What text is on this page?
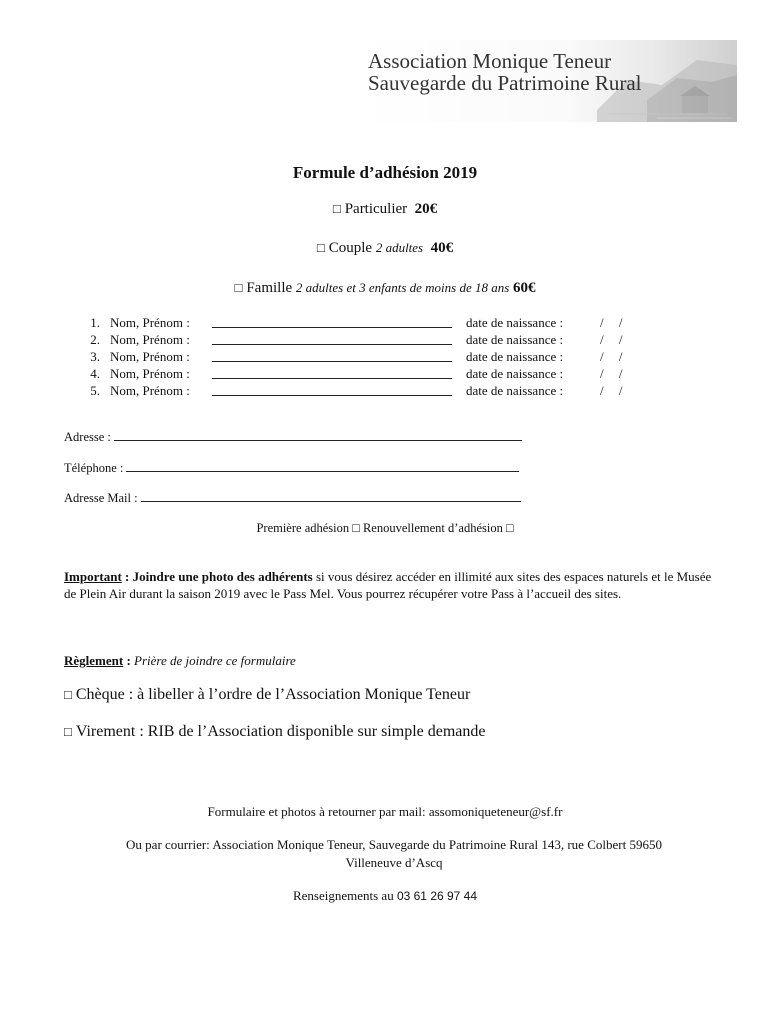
Association Monique Teneur
Sauvegarde du Patrimoine Rural
Formule d’adhésion 2019
□ Particulier 20€
□ Couple 2 adultes 40€
□ Famille 2 adultes et 3 enfants de moins de 18 ans 60€
1. Nom, Prénom :	date de naissance :	/ /
2. Nom, Prénom :	date de naissance :	/ /
3. Nom, Prénom :	date de naissance :	/ /
4. Nom, Prénom :	date de naissance :	/ /
5. Nom, Prénom :	date de naissance :	/ /
Adresse :
Téléphone :
Adresse Mail :
Première adhésion □ Renouvellement d’adhésion □
Important : Joindre une photo des adhérents si vous désirez accéder en illimité aux sites des espaces naturels et le Musée de Plein Air durant la saison 2019 avec le Pass Mel. Vous pourrez récupérer votre Pass à l’accueil des sites.
Règlement : Prière de joindre ce formulaire
□ Chèque : à libeller à l’ordre de l’Association Monique Teneur
□ Virement : RIB de l’Association disponible sur simple demande
Formulaire et photos à retourner par mail: assomoniqueteneur@sf.fr
Ou par courrier: Association Monique Teneur, Sauvegarde du Patrimoine Rural 143, rue Colbert 59650
Villeneuve d’Ascq
Renseignements au 03 61 26 97 44
